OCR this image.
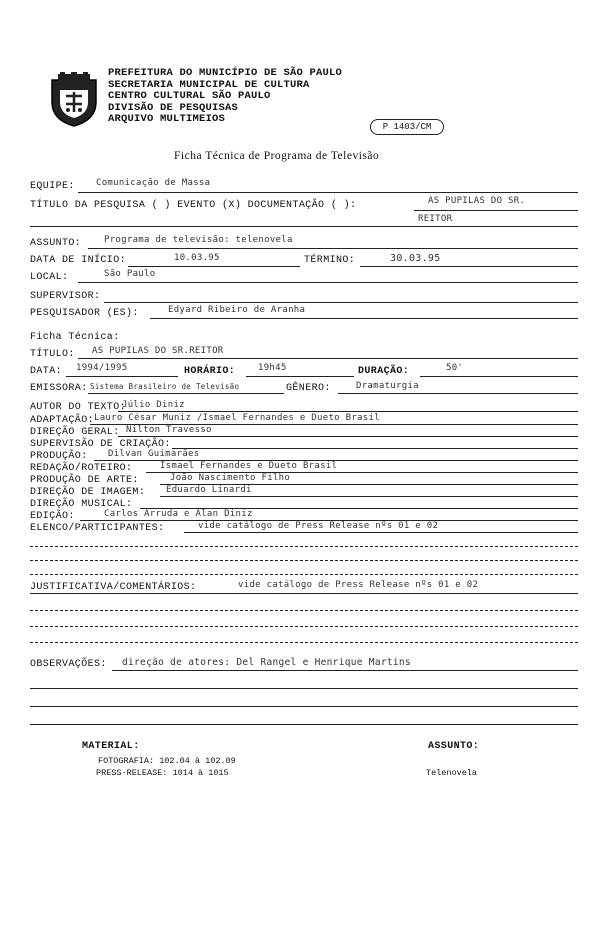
PREFEITURA DO MUNICÍPIO DE SÃO PAULO
SECRETARIA MUNICIPAL DE CULTURA
CENTRO CULTURAL SÃO PAULO
DIVISÃO DE PESQUISAS
ARQUIVO MULTIMEIOS
P 1403/CM
Ficha Técnica de Programa de Televisão
EQUIPE: Comunicação de Massa
TÍTULO DA PESQUISA ( ) EVENTO (X) DOCUMENTAÇÃO ( ):	AS PUPILAS DO SR.
REITOR
ASSUNTO:	Programa de televisão: telenovela
DATA DE INÍCIO:	10.03.95	TÉRMINO:	30.03.95
LOCAL:	São Paulo
SUPERVISOR:
PESQUISADOR (ES):	Edyard Ribeiro de Aranha
Ficha Técnica:
TÍTULO: AS PUPILAS DO SR.REITOR
DATA: 1994/1995	HORÁRIO:	19h45	DURAÇÃO:	50'
EMISSORA: Sistema Brasileiro de Televisão	GÊNERO:	Dramaturgia
AUTOR DO TEXTO:
Júlio Diniz
ADAPTAÇÃO: Lauro César Muniz /Ismael Fernandes e Dueto Brasil
DIREÇÃO GERAL: Nilton Travesso
SUPERVISÃO DE CRIAÇÃO:
PRODUÇÃO: Dilvan Guimarães
REDAÇÃO/ROTEIRO:	Ismael Fernandes e Dueto Brasil
PRODUÇÃO DE ARTE:	João Nascimento Filho
DIREÇÃO DE IMAGEM: Eduardo Linardi
DIREÇÃO MUSICAL:
EDIÇÃO:	Carlos Arruda e Alan Diniz
ELENCO/PARTICIPANTES:	vide catálogo de Press Release nºs 01 e 02
JUSTIFICATIVA/COMENTÁRIOS:	vide catálogo de Press Release nºs 01 e 02
OBSERVAÇÕES: direção de atores: Del Rangel e Henrique Martins
MATERIAL:
FOTOGRAFIA: 102.04 à 102.09
PRESS-RELEASE: 1014 à 1015
ASSUNTO:
Telenovela
